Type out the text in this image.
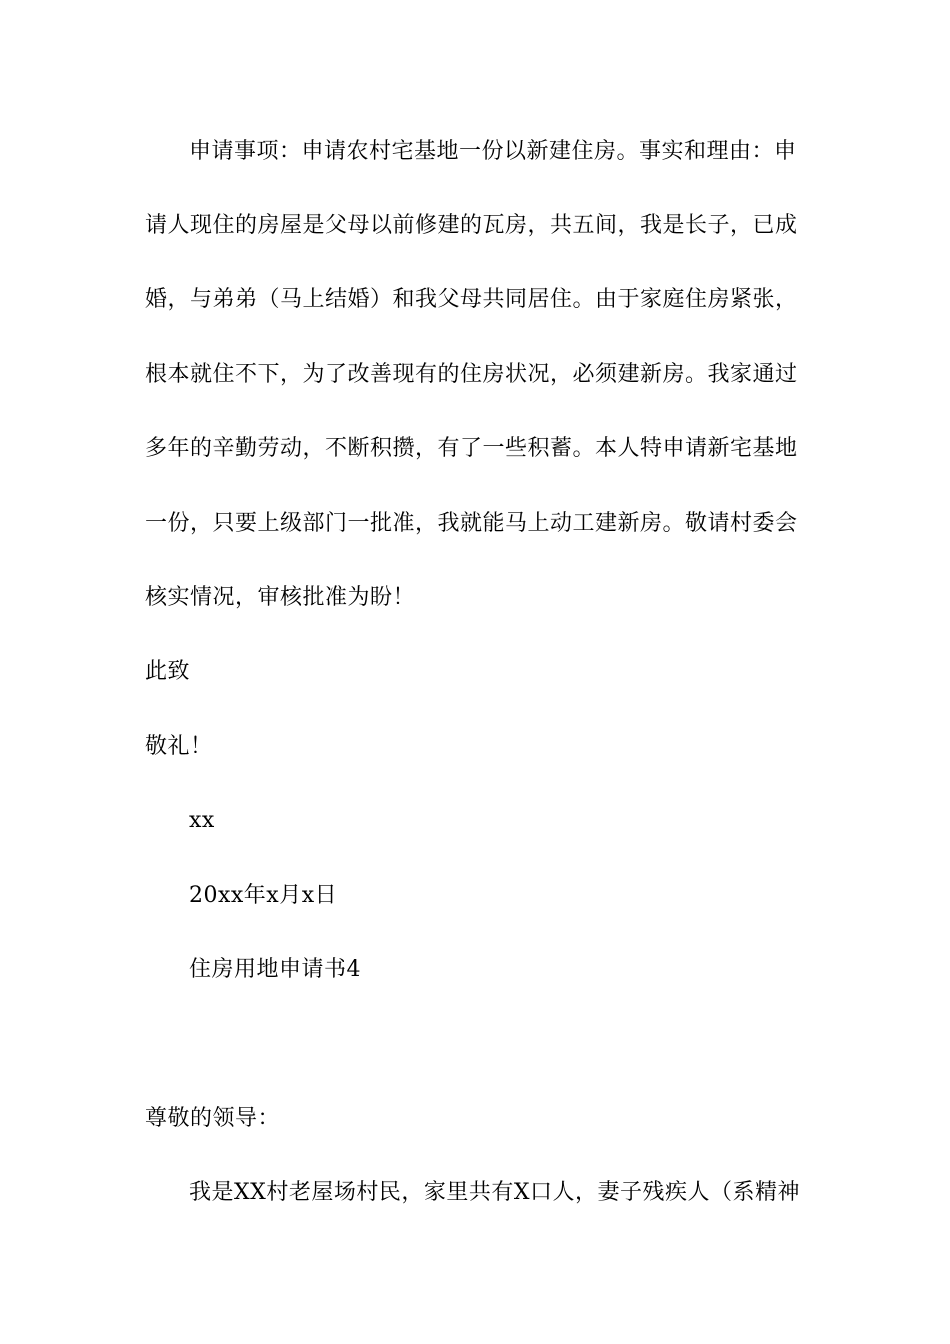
申请事项：申请农村宅基地一份以新建住房。事实和理由：申
请人现住的房屋是父母以前修建的瓦房，共五间，我是长子，已成
婚，与弟弟（马上结婚）和我父母共同居住。由于家庭住房紧张，
根本就住不下，为了改善现有的住房状况，必须建新房。我家通过
多年的辛勤劳动，不断积攒，有了一些积蓄。本人特申请新宅基地
一份，只要上级部门一批准，我就能马上动工建新房。敬请村委会
核实情况，审核批准为盼！
此致
敬礼！
xx
20xx年x月x日
住房用地申请书4
尊敬的领导：
我是XX村老屋场村民，家里共有X口人，妻子残疾人（系精神
